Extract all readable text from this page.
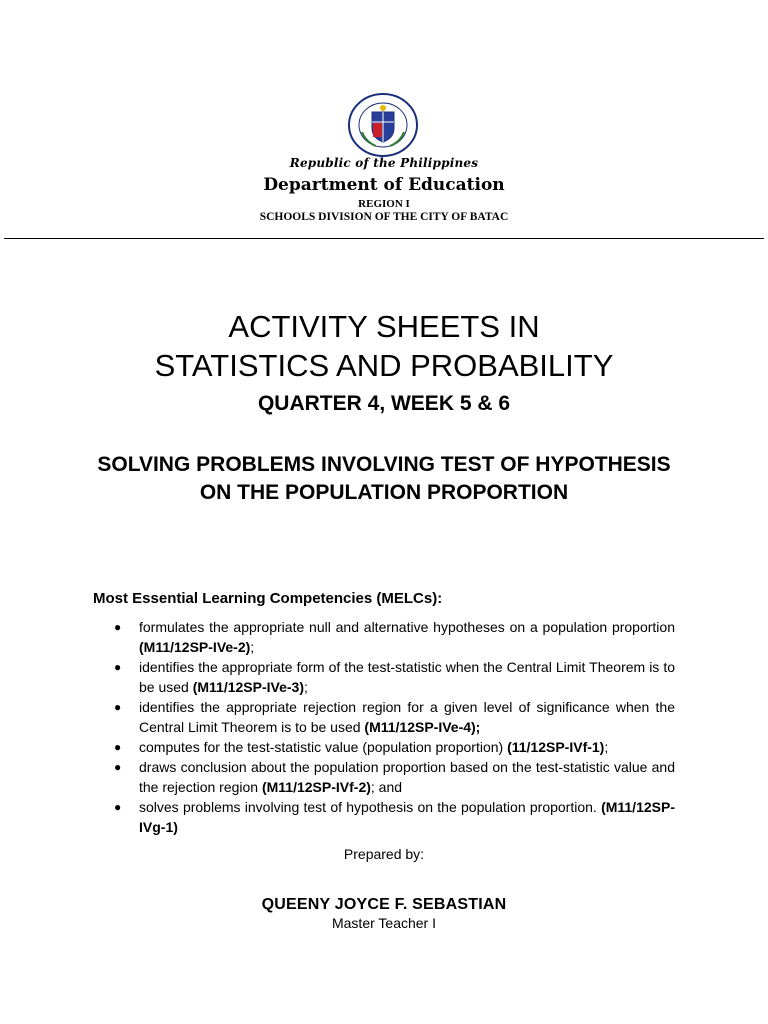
Republic of the Philippines
Department of Education
REGION I
SCHOOLS DIVISION OF THE CITY OF BATAC
ACTIVITY SHEETS IN
STATISTICS AND PROBABILITY
QUARTER 4, WEEK 5 & 6
SOLVING PROBLEMS INVOLVING TEST OF HYPOTHESIS ON THE POPULATION PROPORTION
Most Essential Learning Competencies (MELCs):
● formulates the appropriate null and alternative hypotheses on a population proportion (M11/12SP-IVe-2);
● identifies the appropriate form of the test-statistic when the Central Limit Theorem is to be used (M11/12SP-IVe-3);
● identifies the appropriate rejection region for a given level of significance when the Central Limit Theorem is to be used (M11/12SP-IVe-4);
● computes for the test-statistic value (population proportion) (11/12SP-IVf-1);
● draws conclusion about the population proportion based on the test-statistic value and the rejection region (M11/12SP-IVf-2); and
● solves problems involving test of hypothesis on the population proportion. (M11/12SP-IVg-1)
Prepared by:
QUEENY JOYCE F. SEBASTIAN
Master Teacher I
